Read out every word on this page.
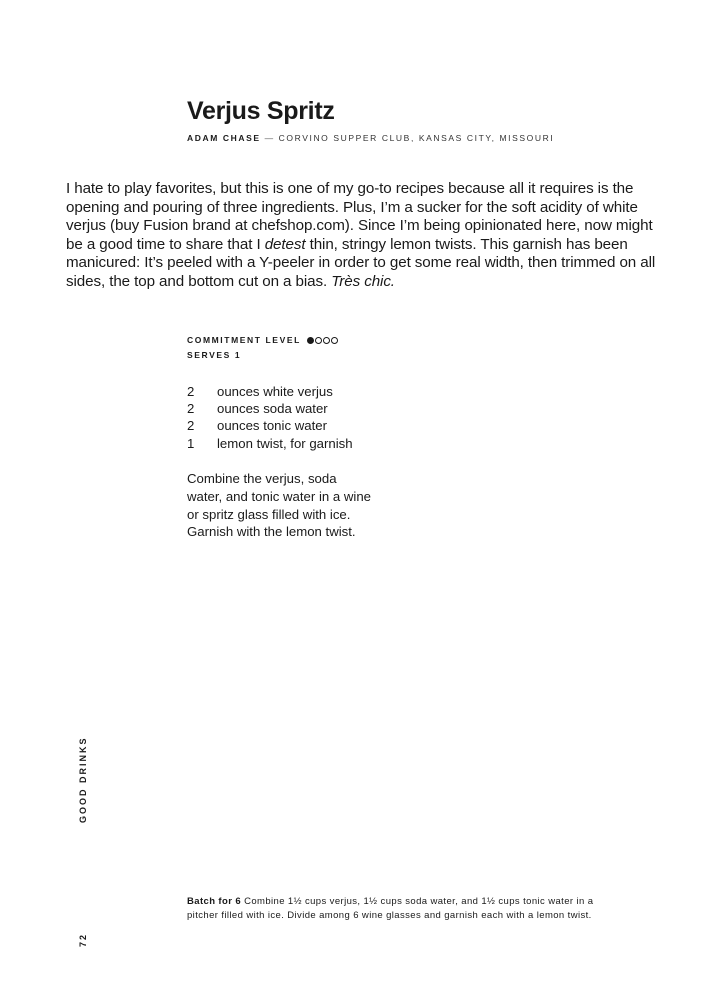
Verjus Spritz

ADAM CHASE — CORVINO SUPPER CLUB, KANSAS CITY, MISSOURI

I hate to play favorites, but this is one of my go-to recipes because all it requires is the opening and pouring of three ingredients. Plus, I’m a sucker for the soft acidity of white verjus (buy Fusion brand at chefshop.com). Since I’m being opinionated here, now might be a good time to share that I detest thin, stringy lemon twists. This garnish has been manicured: It’s peeled with a Y-peeler in order to get some real width, then trimmed on all sides, the top and bottom cut on a bias. Très chic.

COMMITMENT LEVEL
SERVES 1
2	ounces white verjus
2	ounces soda water
2	ounces tonic water
1	lemon twist, for garnish

Combine the verjus, soda water, and tonic water in a wine or spritz glass filled with ice. Garnish with the lemon twist.

72
GOOD DRINKS

Batch for 6 Combine 1½ cups verjus, 1½ cups soda water, and 1½ cups tonic water in a pitcher filled with ice. Divide among 6 wine glasses and garnish each with a lemon twist.
